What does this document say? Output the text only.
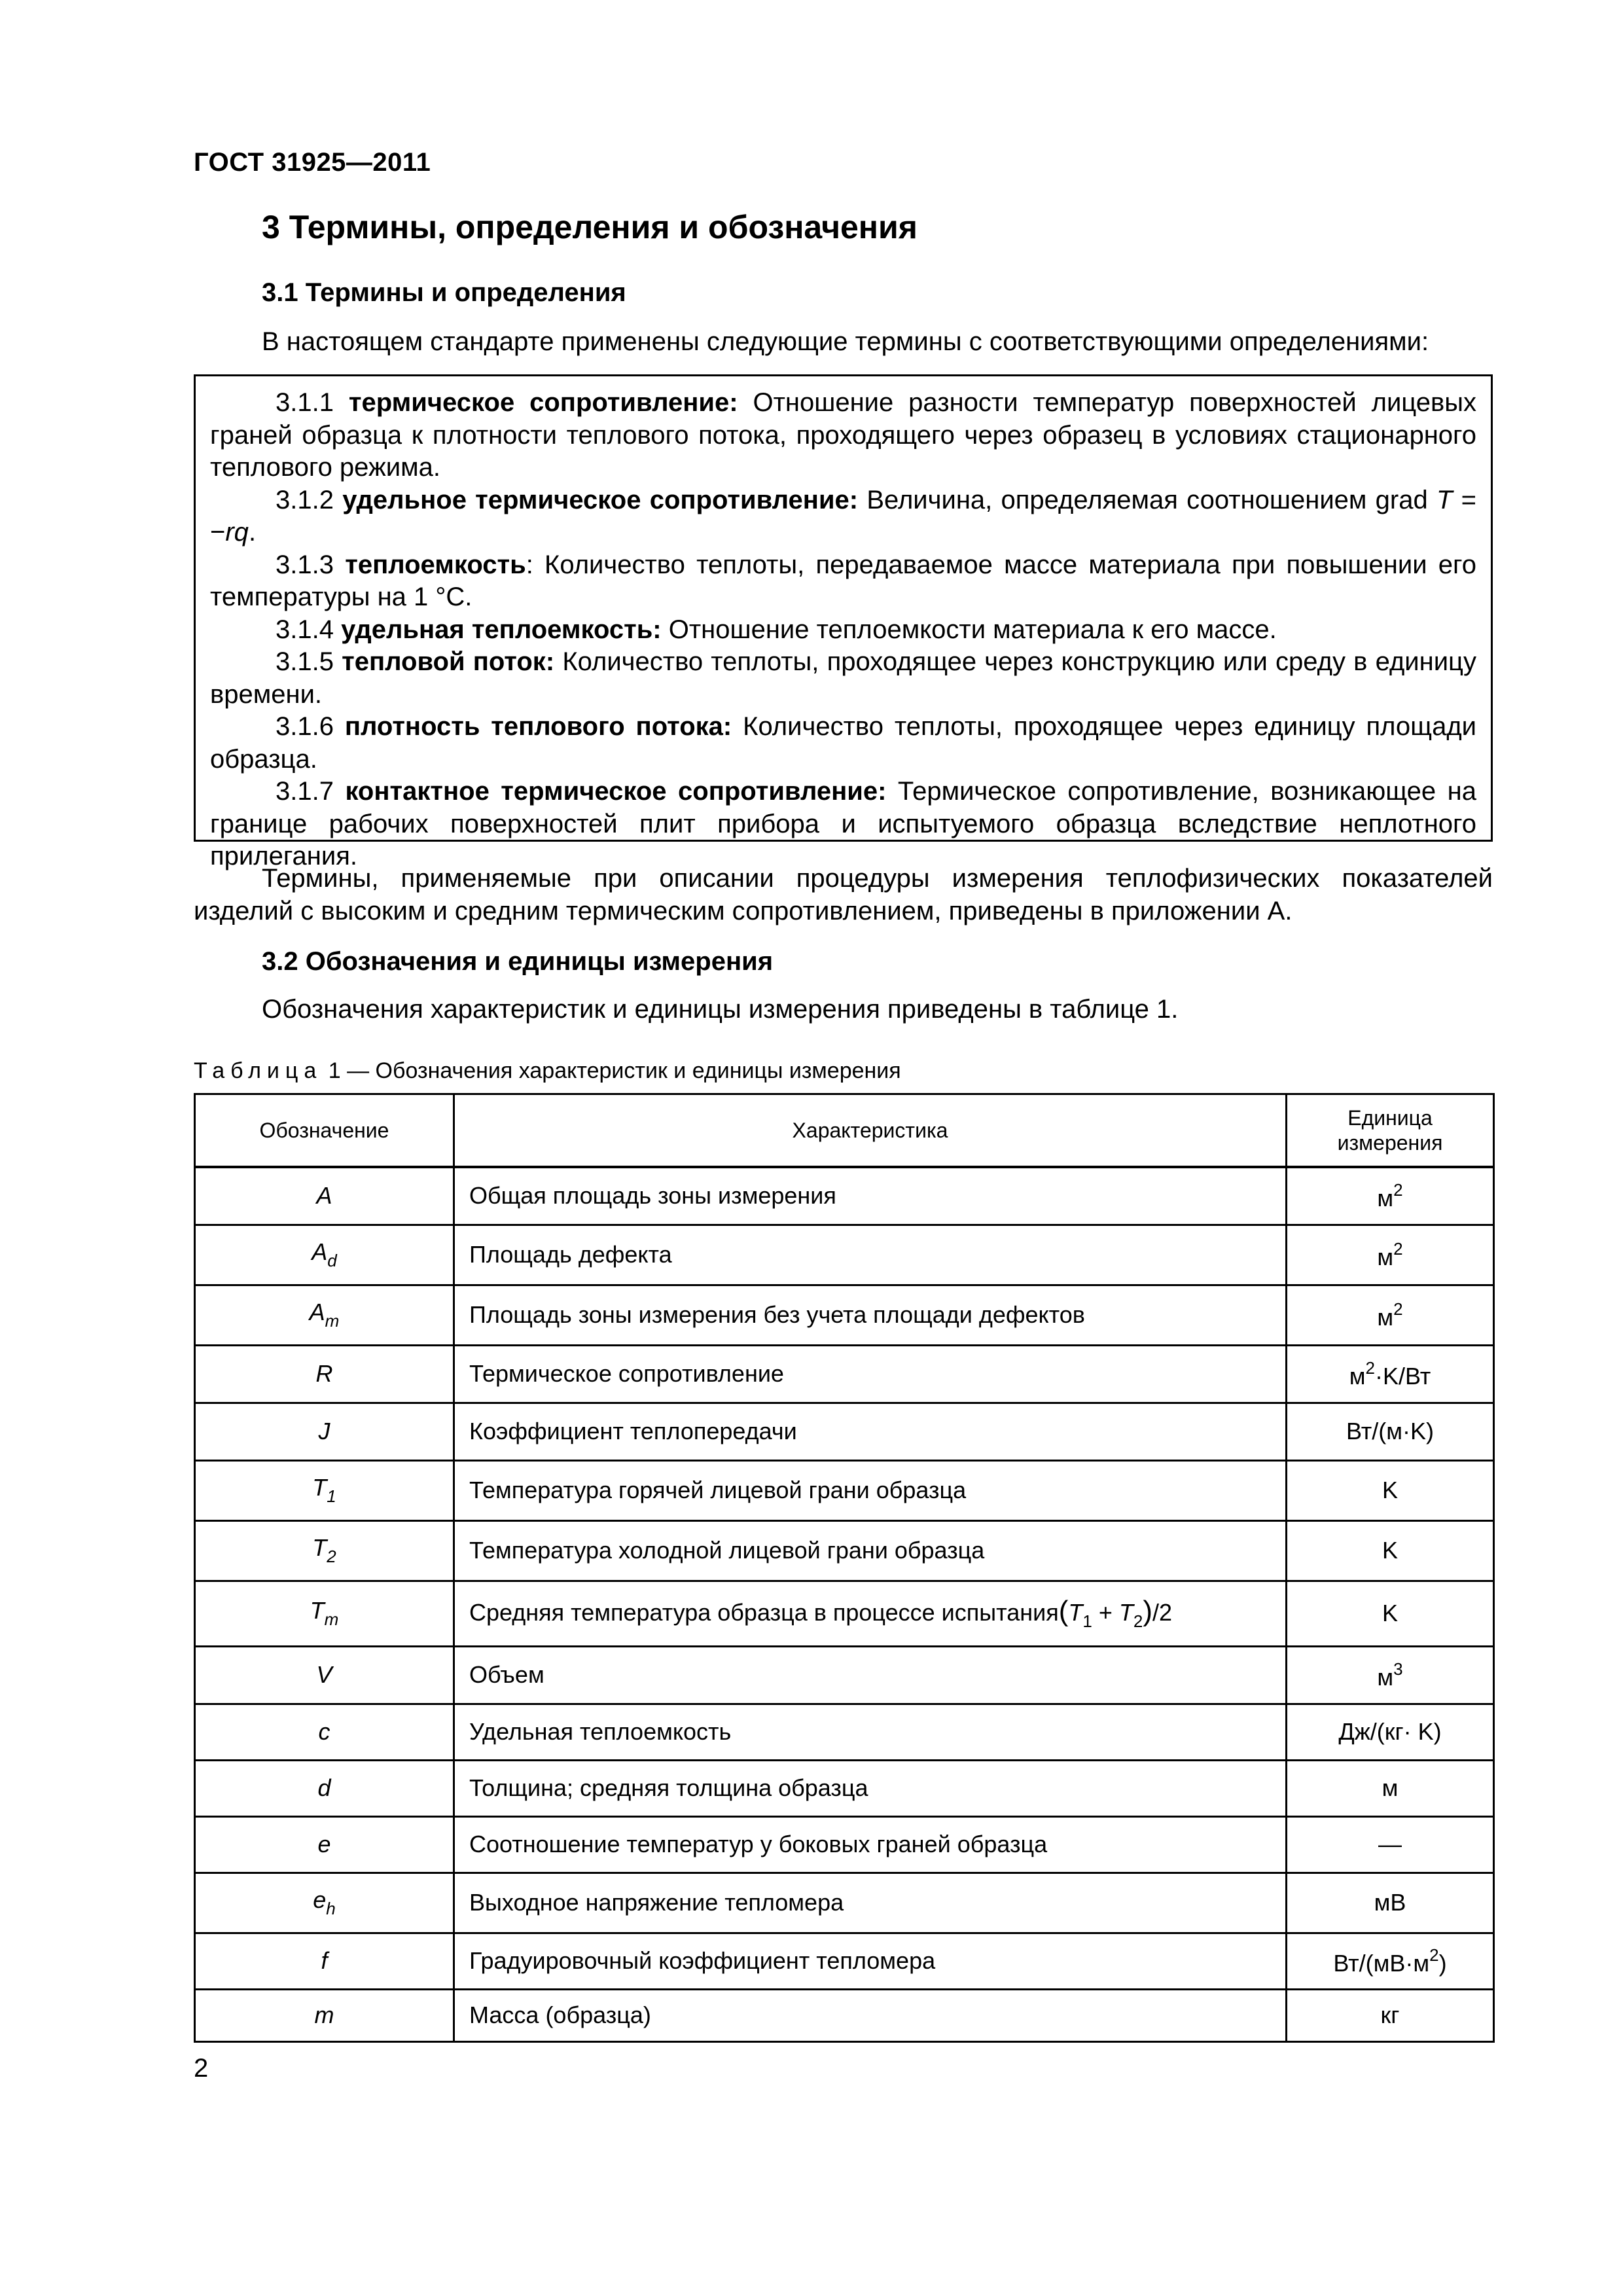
ГОСТ 31925—2011
3 Термины, определения и обозначения
3.1 Термины и определения
В настоящем стандарте применены следующие термины с соответствующими определениями:

3.1.1 термическое сопротивление: Отношение разности температур поверхностей лицевых граней образца к плотности теплового потока, проходящего через образец в условиях стационарного теплового режима.

3.1.2 удельное термическое сопротивление: Величина, определяемая соотношением grad T = −rq.

3.1.3 теплоемкость: Количество теплоты, передаваемое массе материала при повышении его температуры на 1 °C.

3.1.4 удельная теплоемкость: Отношение теплоемкости материала к его массе.

3.1.5 тепловой поток: Количество теплоты, проходящее через конструкцию или среду в единицу времени.

3.1.6 плотность теплового потока: Количество теплоты, проходящее через единицу площади образца.

3.1.7 контактное термическое сопротивление: Термическое сопротивление, возникающее на границе рабочих поверхностей плит прибора и испытуемого образца вследствие неплотного прилегания.

Термины, применяемые при описании процедуры измерения теплофизических показателей изделий с высоким и средним термическим сопротивлением, приведены в приложении А.

3.2 Обозначения и единицы измерения
Обозначения характеристик и единицы измерения приведены в таблице 1.
Таблица 1 — Обозначения характеристик и единицы измерения
Обозначение	Характеристика	Единица
измерения
A	Общая площадь зоны измерения	$м^2$
$A_d$	Площадь дефекта	$м^2$
$A_m$	Площадь зоны измерения без учета площади дефектов	$м^2$
R	Термическое сопротивление	$м^2\cdot K/Вт$
J	Коэффициент теплопередачи	Вт/(м·K)
$T_1$	Температура горячей лицевой грани образца	K
$T_2$	Температура холодной лицевой грани образца	K
$T_m$	Средняя температура образца в процессе $испытания(T_1 + T_2)/2$	K
V	Объем	$м^3$
c	Удельная теплоемкость	Дж/(кг· K)
d	Толщина; средняя толщина образца	м
e	Соотношение температур у боковых граней образца	—
$e_h$	Выходное напряжение тепломера	мВ
f	Градуировочный коэффициент тепломера	$Вт/(мВ\cdot м^2)$
m	Масса (образца)	кг
2
